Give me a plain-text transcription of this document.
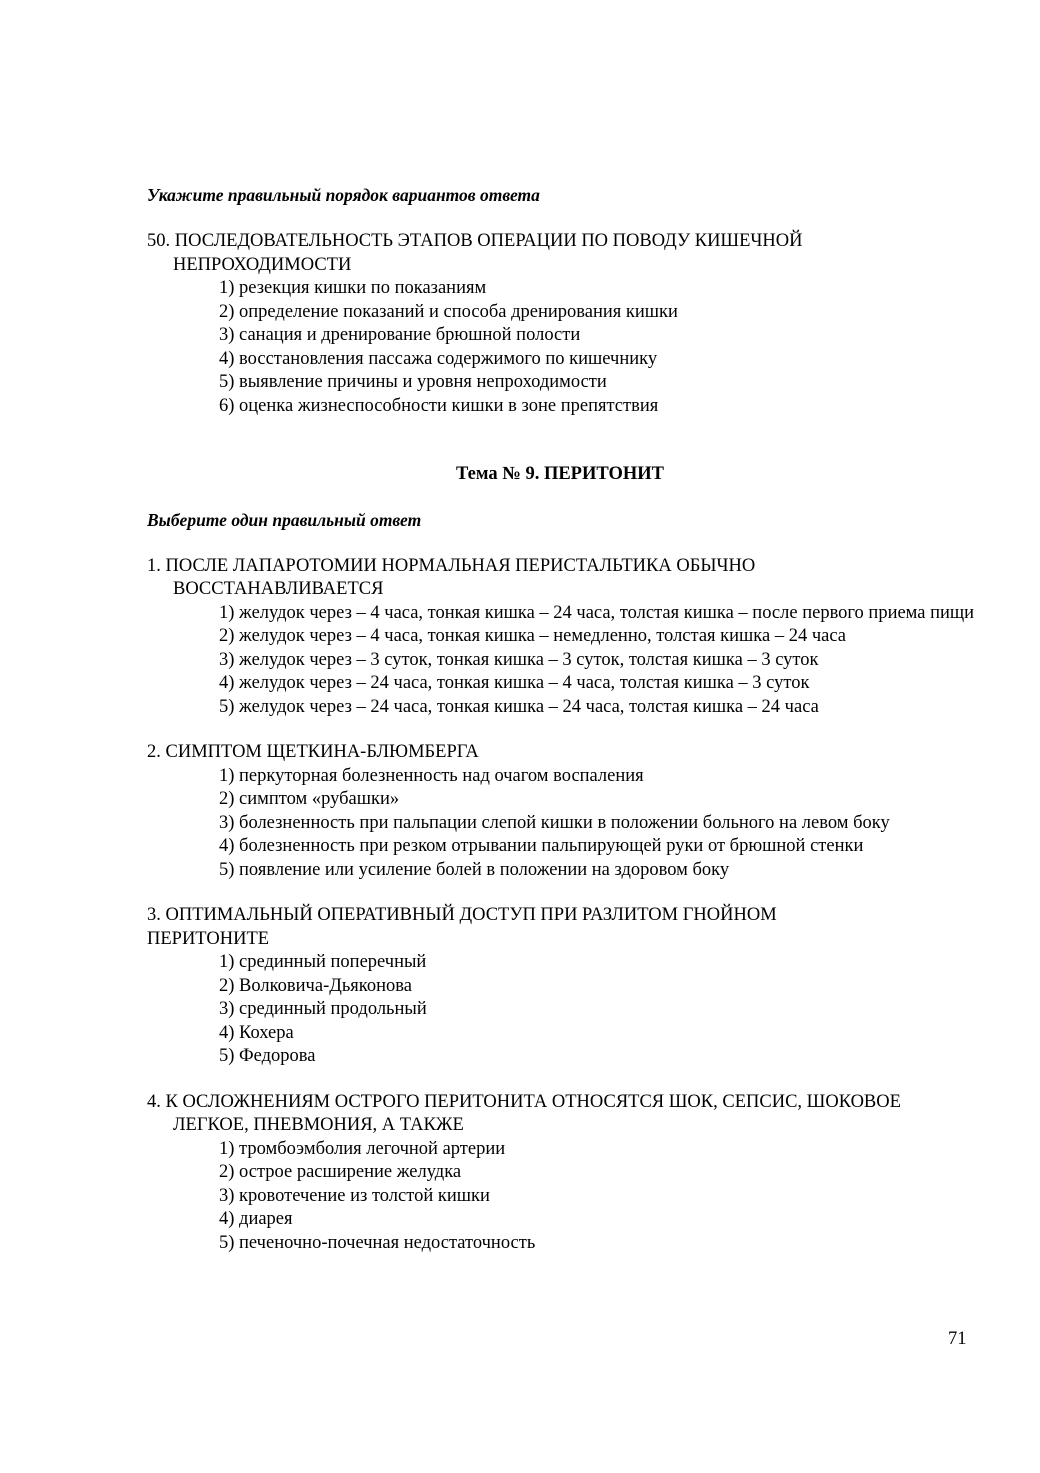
Укажите правильный порядок вариантов ответа

50. ПОСЛЕДОВАТЕЛЬНОСТЬ ЭТАПОВ ОПЕРАЦИИ ПО ПОВОДУ КИШЕЧНОЙ НЕПРОХОДИМОСТИ
1) резекция кишки по показаниям
2) определение показаний и способа дренирования кишки
3) санация и дренирование брюшной полости
4) восстановления пассажа содержимого по кишечнику
5) выявление причины и уровня непроходимости
6) оценка жизнеспособности кишки в зоне препятствия

Тема № 9. ПЕРИТОНИТ

Выберите один правильный ответ

1. ПОСЛЕ ЛАПАРОТОМИИ НОРМАЛЬНАЯ ПЕРИСТАЛЬТИКА ОБЫЧНО ВОССТАНАВЛИВАЕТСЯ
1) желудок через – 4 часа, тонкая кишка – 24 часа, толстая кишка – после первого приема пищи
2) желудок через – 4 часа, тонкая кишка – немедленно, толстая кишка – 24 часа
3) желудок через – 3 суток, тонкая кишка – 3 суток, толстая кишка – 3 суток
4) желудок через – 24 часа, тонкая кишка – 4 часа, толстая кишка – 3 суток
5) желудок через – 24 часа, тонкая кишка – 24 часа, толстая кишка – 24 часа
2. СИМПТОМ ЩЕТКИНА-БЛЮМБЕРГА
1) перкуторная болезненность над очагом воспаления
2) симптом «рубашки»
3) болезненность при пальпации слепой кишки в положении больного на левом боку
4) болезненность при резком отрывании пальпирующей руки от брюшной стенки
5) появление или усиление болей в положении на здоровом боку
3. ОПТИМАЛЬНЫЙ ОПЕРАТИВНЫЙ ДОСТУП ПРИ РАЗЛИТОМ ГНОЙНОМ ПЕРИТОНИТЕ
1) срединный поперечный
2) Волковича-Дьяконова
3) срединный продольный
4) Кохера
5) Федорова
4. К ОСЛОЖНЕНИЯМ ОСТРОГО ПЕРИТОНИТА ОТНОСЯТСЯ ШОК, СЕПСИС, ШОКОВОЕ ЛЕГКОЕ, ПНЕВМОНИЯ, А ТАКЖЕ
1) тромбоэмболия легочной артерии
2) острое расширение желудка
3) кровотечение из толстой кишки
4) диарея
5) печеночно-почечная недостаточность
71
